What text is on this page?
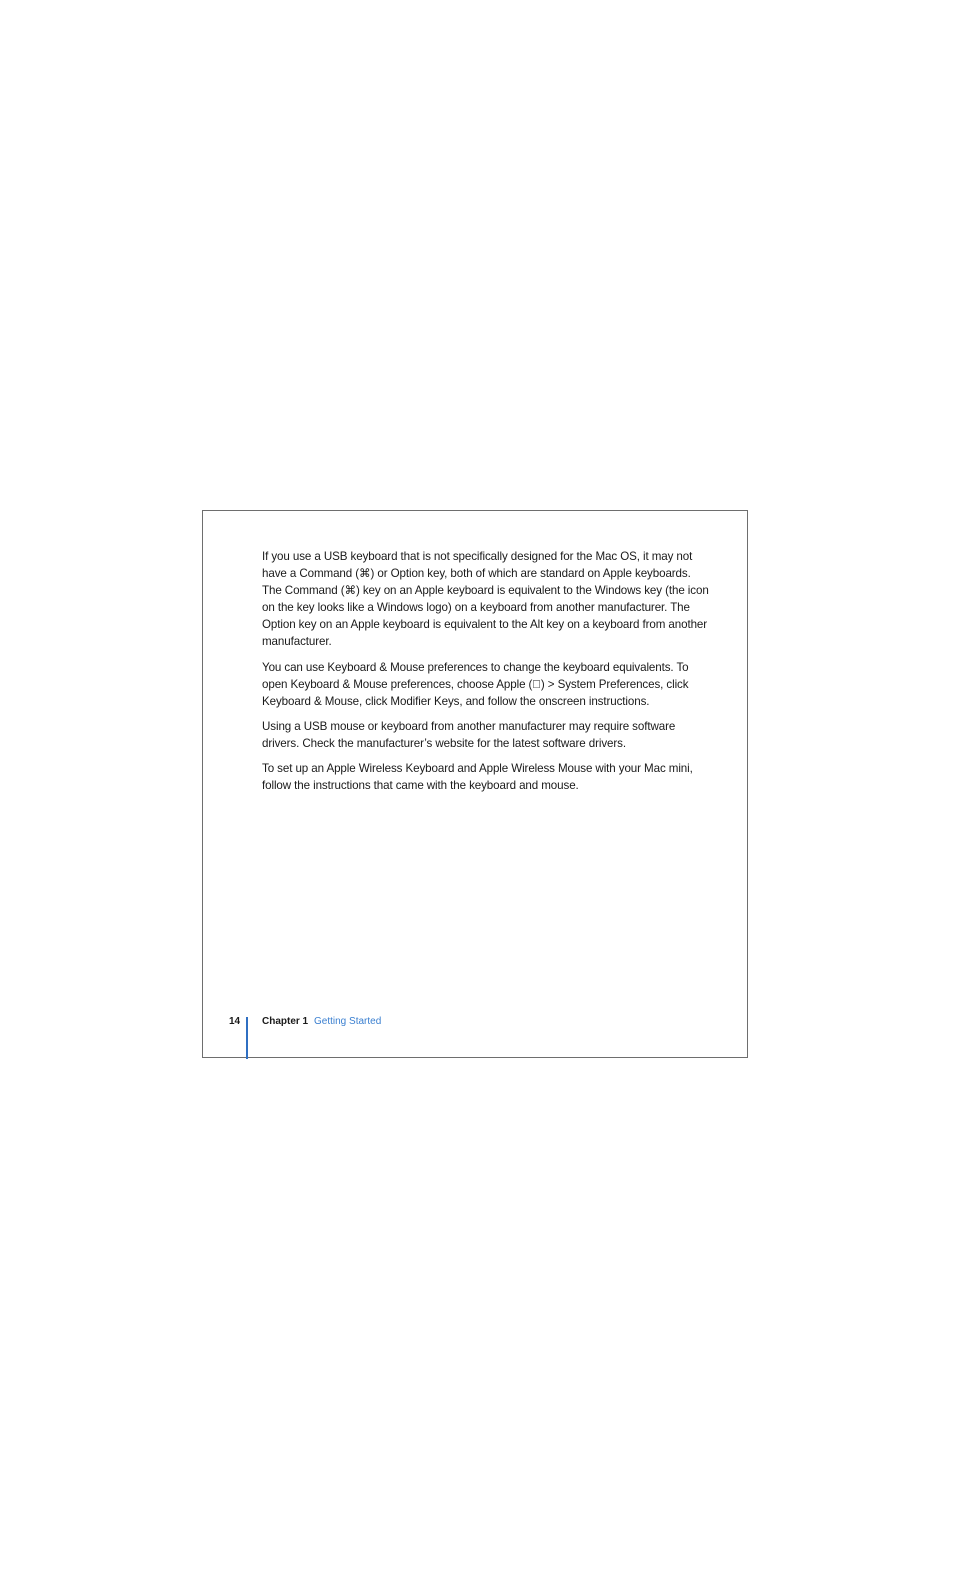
If you use a USB keyboard that is not specifically designed for the Mac OS, it may not have a Command (⌘) or Option key, both of which are standard on Apple keyboards. The Command (⌘) key on an Apple keyboard is equivalent to the Windows key (the icon on the key looks like a Windows logo) on a keyboard from another manufacturer. The Option key on an Apple keyboard is equivalent to the Alt key on a keyboard from another manufacturer.

You can use Keyboard & Mouse preferences to change the keyboard equivalents. To open Keyboard & Mouse preferences, choose Apple ( ) > System Preferences, click Keyboard & Mouse, click Modifier Keys, and follow the onscreen instructions.

Using a USB mouse or keyboard from another manufacturer may require software drivers. Check the manufacturer’s website for the latest software drivers.

To set up an Apple Wireless Keyboard and Apple Wireless Mouse with your Mac mini, follow the instructions that came with the keyboard and mouse.

14 Chapter 1 Getting Started
